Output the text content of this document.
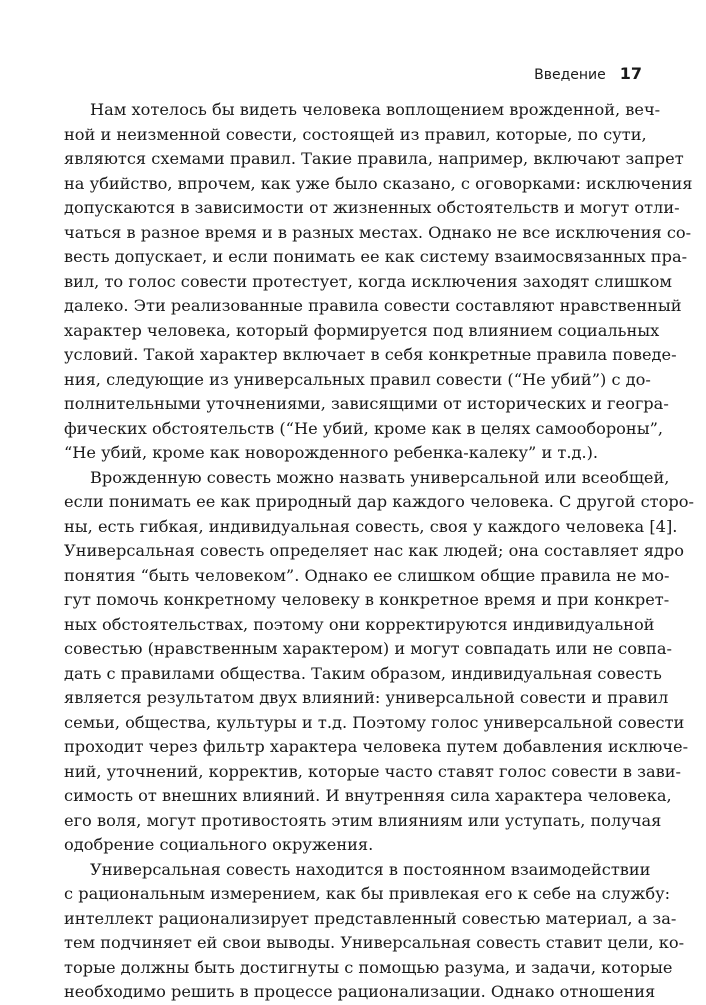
Введение 17
Нам хотелось бы видеть человека воплощением врожденной, веч-
ной и неизменной совести, состоящей из правил, которые, по сути,
являются схемами правил. Такие правила, например, включают запрет
на убийство, впрочем, как уже было сказано, с оговорками: исключения
допускаются в зависимости от жизненных обстоятельств и могут отли-
чаться в разное время и в разных местах. Однако не все исключения со-
весть допускает, и если понимать ее как систему взаимосвязанных пра-
вил, то голос совести протестует, когда исключения заходят слишком
далеко. Эти реализованные правила совести составляют нравственный
характер человека, который формируется под влиянием социальных
условий. Такой характер включает в себя конкретные правила поведе-
ния, следующие из универсальных правил совести (“Не убий”) с до-
полнительными уточнениями, зависящими от исторических и геогра-
фических обстоятельств (“Не убий, кроме как в целях самообороны”,
“Не убий, кроме как новорожденного ребенка-калеку” и т.д.).
Врожденную совесть можно назвать универсальной или всеобщей,
если понимать ее как природный дар каждого человека. С другой сторо-
ны, есть гибкая, индивидуальная совесть, своя у каждого человека [4].
Универсальная совесть определяет нас как людей; она составляет ядро
понятия “быть человеком”. Однако ее слишком общие правила не мо-
гут помочь конкретному человеку в конкретное время и при конкрет-
ных обстоятельствах, поэтому они корректируются индивидуальной
совестью (нравственным характером) и могут совпадать или не совпа-
дать с правилами общества. Таким образом, индивидуальная совесть
является результатом двух влияний: универсальной совести и правил
семьи, общества, культуры и т.д. Поэтому голос универсальной совести
проходит через фильтр характера человека путем добавления исключе-
ний, уточнений, корректив, которые часто ставят голос совести в зави-
симость от внешних влияний. И внутренняя сила характера человека,
его воля, могут противостоять этим влияниям или уступать, получая
одобрение социального окружения.
Универсальная совесть находится в постоянном взаимодействии
с рациональным измерением, как бы привлекая его к себе на службу:
интеллект рационализирует представленный совестью материал, а за-
тем подчиняет ей свои выводы. Универсальная совесть ставит цели, ко-
торые должны быть достигнуты с помощью разума, и задачи, которые
необходимо решить в процессе рационализации. Однако отношения
